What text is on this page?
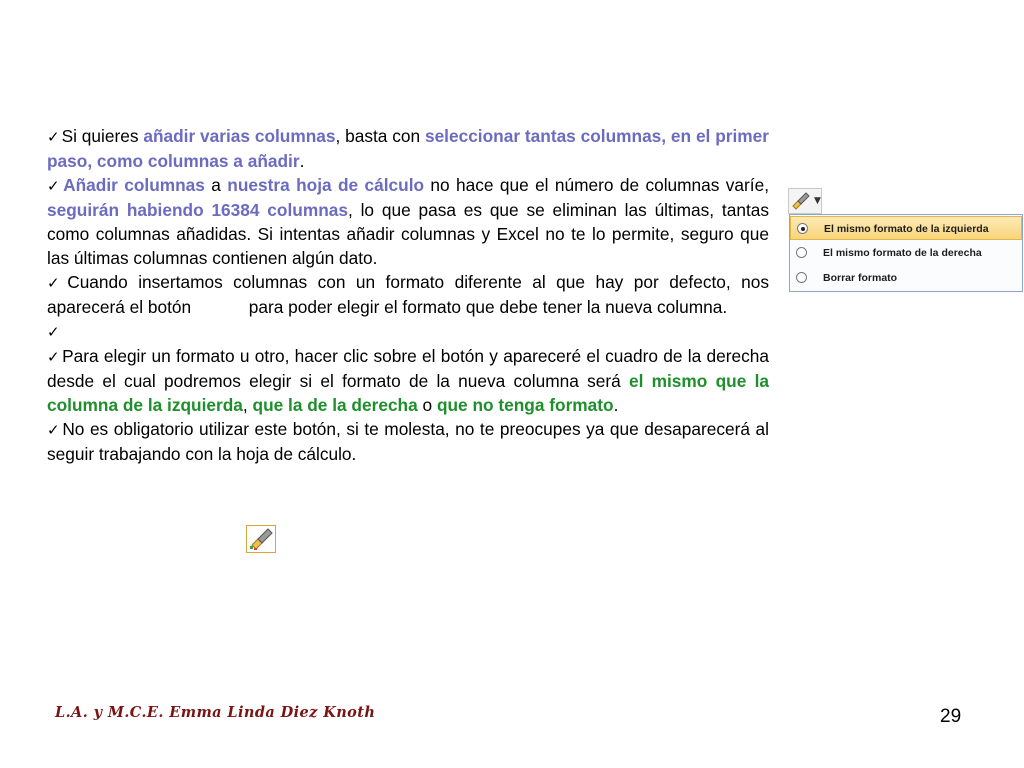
✓ Si quieres añadir varias columnas, basta con seleccionar tantas columnas, en el primer paso, como columnas a añadir.

✓ Añadir columnas a nuestra hoja de cálculo no hace que el número de columnas varíe, seguirán habiendo 16384 columnas, lo que pasa es que se eliminan las últimas, tantas como columnas añadidas. Si intentas añadir columnas y Excel no te lo permite, seguro que las últimas columnas contienen algún dato.

✓ Cuando insertamos columnas con un formato diferente al que hay por defecto, nos aparecerá el botón	para poder elegir el formato que debe tener la nueva columna.

✓

✓ Para elegir un formato u otro, hacer clic sobre el botón y apareceré el cuadro de la derecha desde el cual podremos elegir si el formato de la nueva columna será el mismo que la columna de la izquierda, que la de la derecha o que no tenga formato.

✓ No es obligatorio utilizar este botón, si te molesta, no te preocupes ya que desaparecerá al seguir trabajando con la hoja de cálculo.

▼
El mismo formato de la izquierda
El mismo formato de la derecha
Borrar formato
L.A. y M.C.E. Emma Linda Diez Knoth	29
